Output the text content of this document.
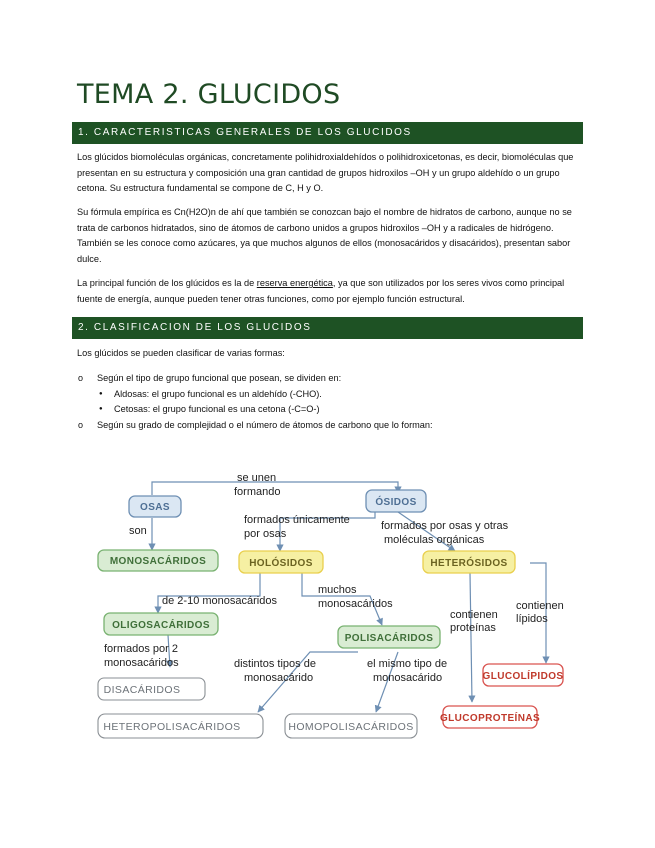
TEMA 2. GLUCIDOS
1. CARACTERISTICAS GENERALES DE LOS GLUCIDOS

Los glúcidos biomoléculas orgánicas, concretamente polihidroxialdehídos o polihidroxicetonas, es decir, biomoléculas que presentan en su estructura y composición una gran cantidad de grupos hidroxilos –OH y un grupo aldehído o un grupo cetona. Su estructura fundamental se compone de C, H y O.

Su fórmula empírica es Cn(H2O)n de ahí que también se conozcan bajo el nombre de hidratos de carbono, aunque no se trata de carbonos hidratados, sino de átomos de carbono unidos a grupos hidroxilos –OH y a radicales de hidrógeno. También se les conoce como azúcares, ya que muchos algunos de ellos (monosacáridos y disacáridos), presentan sabor dulce.

La principal función de los glúcidos es la de reserva energética, ya que son utilizados por los seres vivos como principal fuente de energía, aunque pueden tener otras funciones, como por ejemplo función estructural.

2. CLASIFICACION DE LOS GLUCIDOS

Los glúcidos se pueden clasificar de varias formas:

o Según el tipo de grupo funcional que posean, se dividen en:
● Aldosas: el grupo funcional es un aldehído (-CHO).
● Cetosas: el grupo funcional es una cetona (-C=O-)
o Según su grado de complejidad o el número de átomos de carbono que lo forman:
OSAS	ÓSIDOS
MONOSACÁRIDOS	HOLÓSIDOS	HETERÓSIDOS
OLIGOSACÁRIDOS
POLISACÁRIDOS
DISACÁRIDOS
HETEROPOLISACÁRIDOS	HOMOPOLISACÁRIDOS
GLUCOLÍPIDOS
GLUCOPROTEÍNAS
se unen
formando
son
formados únicamente
por osas
formados por osas y otras
moléculas orgánicas
de 2-10 monosacáridos
muchos
monosacáridos
contienen
proteínas
contienen
lípidos
formados por 2
monosacáridos	distintos tipos de
monosacárido
el mismo tipo de
monosacárido
